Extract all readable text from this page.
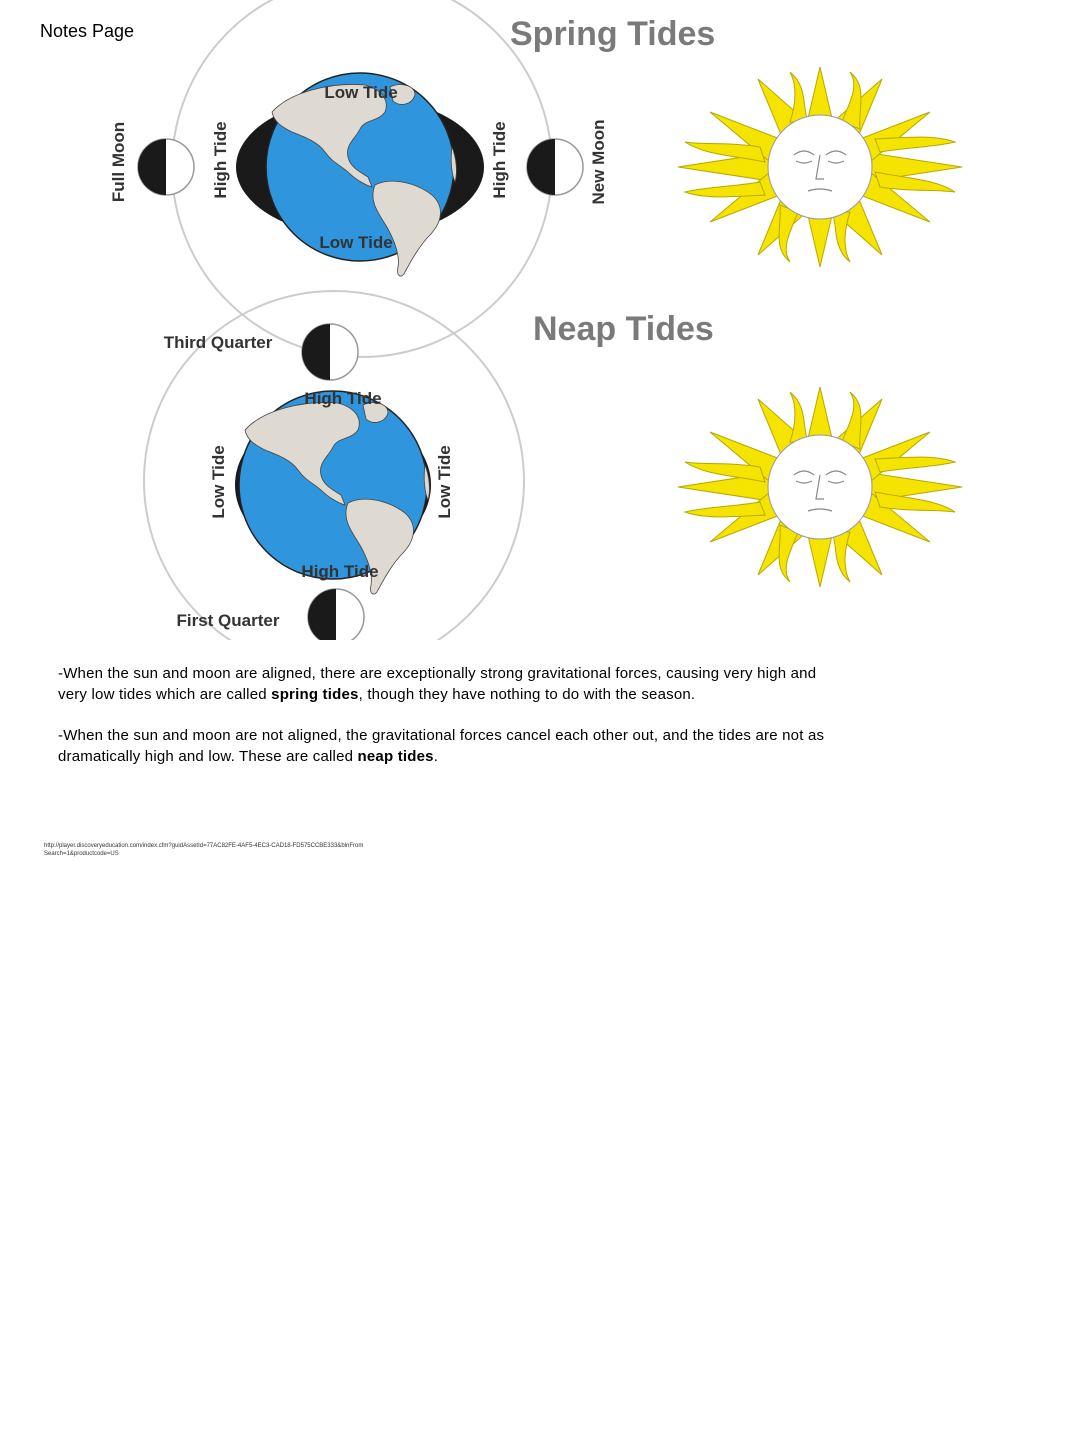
Notes Page	Spring Tides
Low Tide
Low Tide
High Tide	High Tide
Full Moon	New Moon
Neap Tides
High Tide
High Tide
Low Tide	Low Tide
Third Quarter
First Quarter

-When the sun and moon are aligned, there are exceptionally strong gravitational forces, causing very high and very low tides which are called spring tides, though they have nothing to do with the season.

-When the sun and moon are not aligned, the gravitational forces cancel each other out, and the tides are not as dramatically high and low. These are called neap tides.

http://player.discoveryeducation.com/index.cfm?guidAssetId=77AC82FE-4AF5-4EC3-CAD18-FD575CCBE333&blnFromSearch=1&productcode=US
